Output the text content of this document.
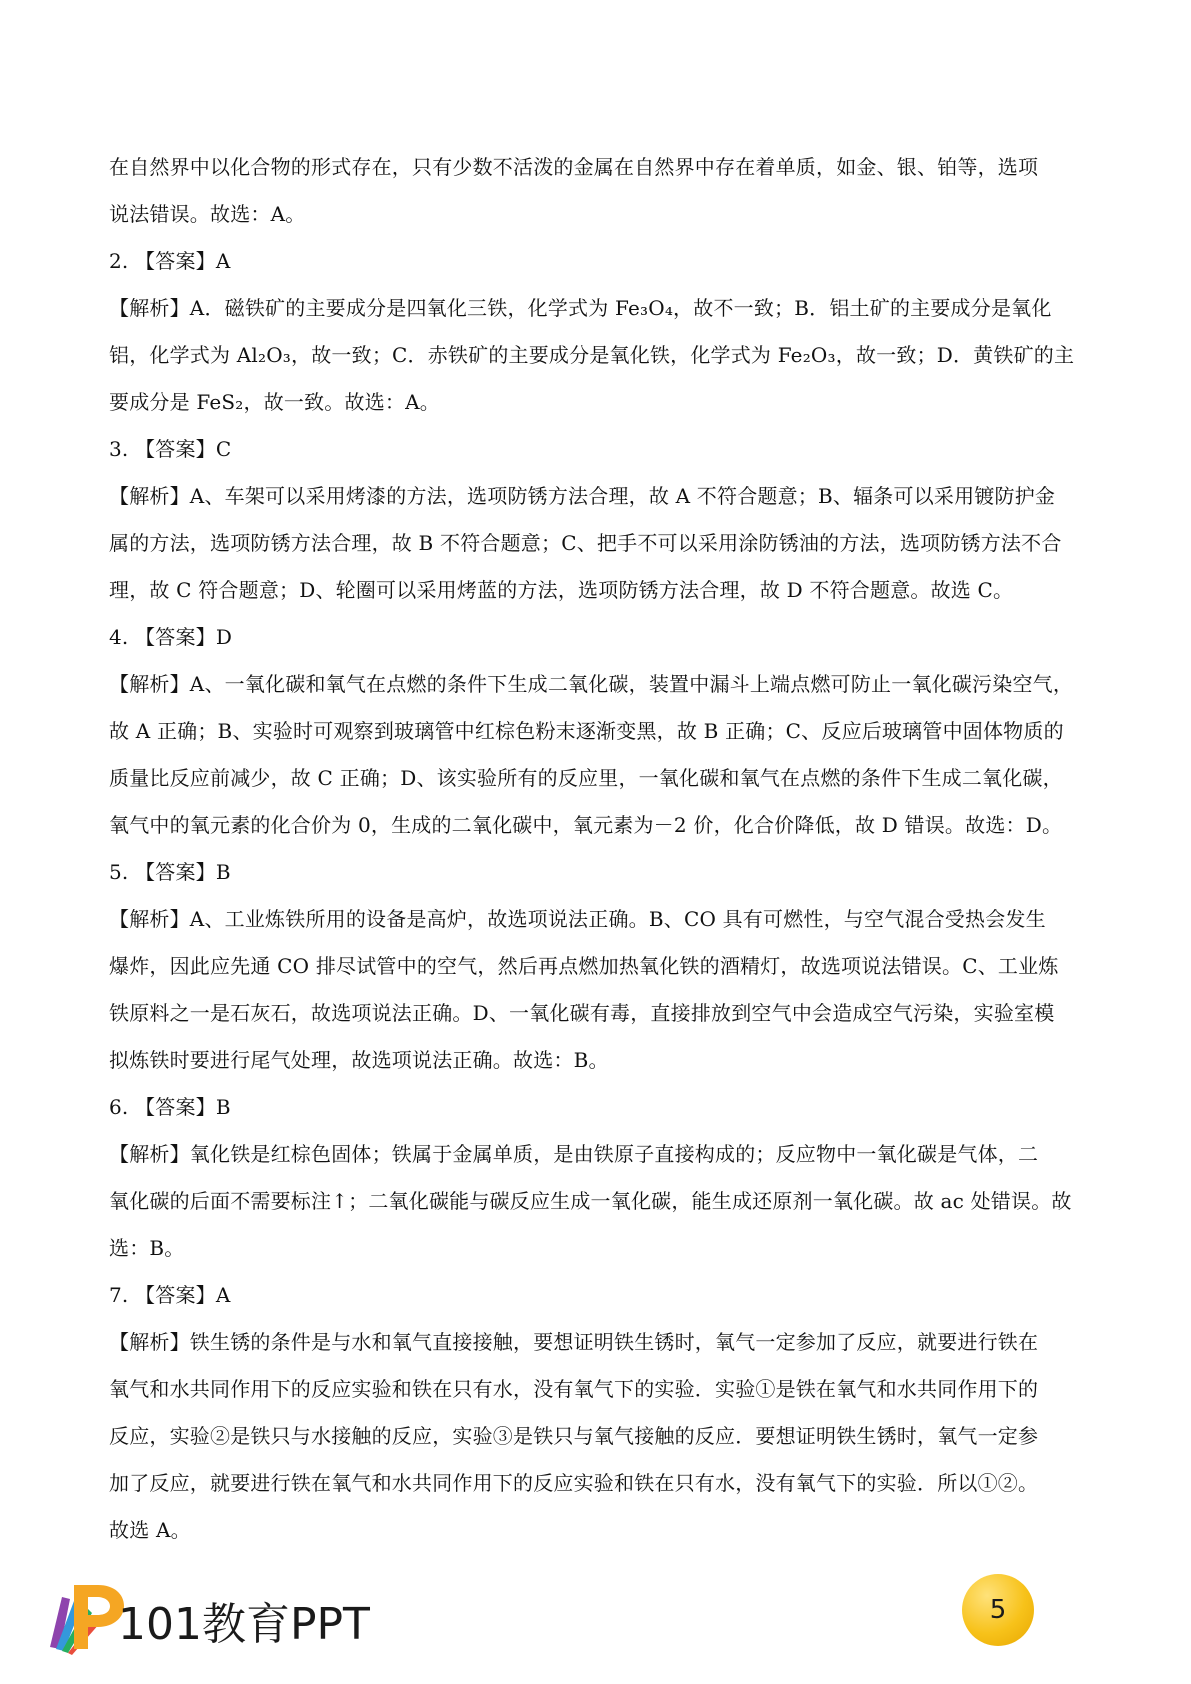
在自然界中以化合物的形式存在，只有少数不活泼的金属在自然界中存在着单质，如金、银、铂等，选项
说法错误。故选：A。
2. 【答案】A
【解析】A．磁铁矿的主要成分是四氧化三铁，化学式为 Fe₃O₄，故不一致；B．铝土矿的主要成分是氧化
铝，化学式为 Al₂O₃，故一致；C．赤铁矿的主要成分是氧化铁，化学式为 Fe₂O₃，故一致；D．黄铁矿的主
要成分是 FeS₂，故一致。故选：A。
3. 【答案】C
【解析】A、车架可以采用烤漆的方法，选项防锈方法合理，故 A 不符合题意；B、辐条可以采用镀防护金
属的方法，选项防锈方法合理，故 B 不符合题意；C、把手不可以采用涂防锈油的方法，选项防锈方法不合
理，故 C 符合题意；D、轮圈可以采用烤蓝的方法，选项防锈方法合理，故 D 不符合题意。故选 C。
4. 【答案】D
【解析】A、一氧化碳和氧气在点燃的条件下生成二氧化碳，装置中漏斗上端点燃可防止一氧化碳污染空气，
故 A 正确；B、实验时可观察到玻璃管中红棕色粉末逐渐变黑，故 B 正确；C、反应后玻璃管中固体物质的
质量比反应前减少，故 C 正确；D、该实验所有的反应里，一氧化碳和氧气在点燃的条件下生成二氧化碳，
氧气中的氧元素的化合价为 0，生成的二氧化碳中，氧元素为－2 价，化合价降低，故 D 错误。故选：D。
5. 【答案】B
【解析】A、工业炼铁所用的设备是高炉，故选项说法正确。B、CO 具有可燃性，与空气混合受热会发生
爆炸，因此应先通 CO 排尽试管中的空气，然后再点燃加热氧化铁的酒精灯，故选项说法错误。C、工业炼
铁原料之一是石灰石，故选项说法正确。D、一氧化碳有毒，直接排放到空气中会造成空气污染，实验室模
拟炼铁时要进行尾气处理，故选项说法正确。故选：B。
6. 【答案】B
【解析】氧化铁是红棕色固体；铁属于金属单质，是由铁原子直接构成的；反应物中一氧化碳是气体，二
氧化碳的后面不需要标注↑；二氧化碳能与碳反应生成一氧化碳，能生成还原剂一氧化碳。故 ac 处错误。故
选：B。
7. 【答案】A
【解析】铁生锈的条件是与水和氧气直接接触，要想证明铁生锈时，氧气一定参加了反应，就要进行铁在
氧气和水共同作用下的反应实验和铁在只有水，没有氧气下的实验．实验①是铁在氧气和水共同作用下的
反应，实验②是铁只与水接触的反应，实验③是铁只与氧气接触的反应．要想证明铁生锈时，氧气一定参
加了反应，就要进行铁在氧气和水共同作用下的反应实验和铁在只有水，没有氧气下的实验．所以①②。
故选 A。
101教育PPT	5
